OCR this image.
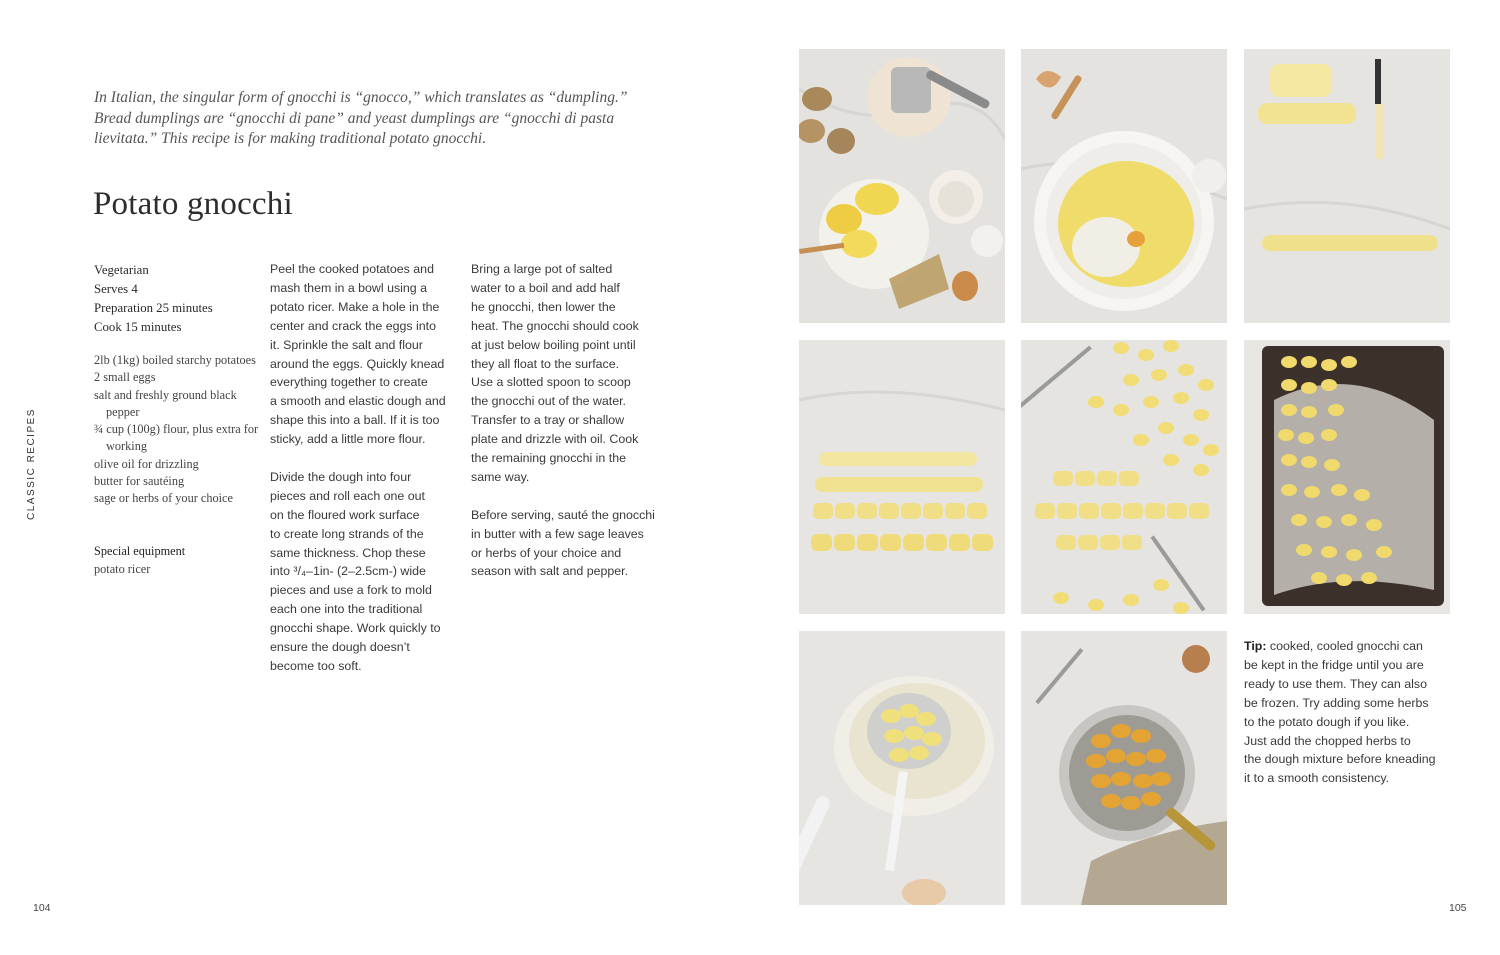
In Italian, the singular form of gnocchi is “gnocco,” which translates as “dumpling.” Bread dumplings are “gnocchi di pane” and yeast dumplings are “gnocchi di pasta lievitata.” This recipe is for making traditional potato gnocchi.
Potato gnocchi
Vegetarian
Serves 4
Preparation 25 minutes
Cook 15 minutes
2lb (1kg) boiled starchy potatoes
2 small eggs
salt and freshly ground black pepper
¾ cup (100g) flour, plus extra for working
olive oil for drizzling
butter for sautéing
sage or herbs of your choice
Special equipment
potato ricer

Peel the cooked potatoes and
mash them in a bowl using a
potato ricer. Make a hole in the
center and crack the eggs into
it. Sprinkle the salt and flour
around the eggs. Quickly knead
everything together to create
a smooth and elastic dough and
shape this into a ball. If it is too
sticky, add a little more flour.

Divide the dough into four
pieces and roll each one out
on the floured work surface
to create long strands of the
same thickness. Chop these
into ³/₄–1in- (2–2.5cm-) wide
pieces and use a fork to mold
each one into the traditional
gnocchi shape. Work quickly to
ensure the dough doesn’t
become too soft.

Bring a large pot of salted
water to a boil and add half
he gnocchi, then lower the
heat. The gnocchi should cook
at just below boiling point until
they all float to the surface.
Use a slotted spoon to scoop
the gnocchi out of the water.
Transfer to a tray or shallow
plate and drizzle with oil. Cook
the remaining gnocchi in the
same way.

Before serving, sauté the gnocchi
in butter with a few sage leaves
or herbs of your choice and
season with salt and pepper.

CLASSIC RECIPES
104	105
Tip: cooked, cooled gnocchi can
be kept in the fridge until you are
ready to use them. They can also
be frozen. Try adding some herbs
to the potato dough if you like.
Just add the chopped herbs to
the dough mixture before kneading
it to a smooth consistency.
